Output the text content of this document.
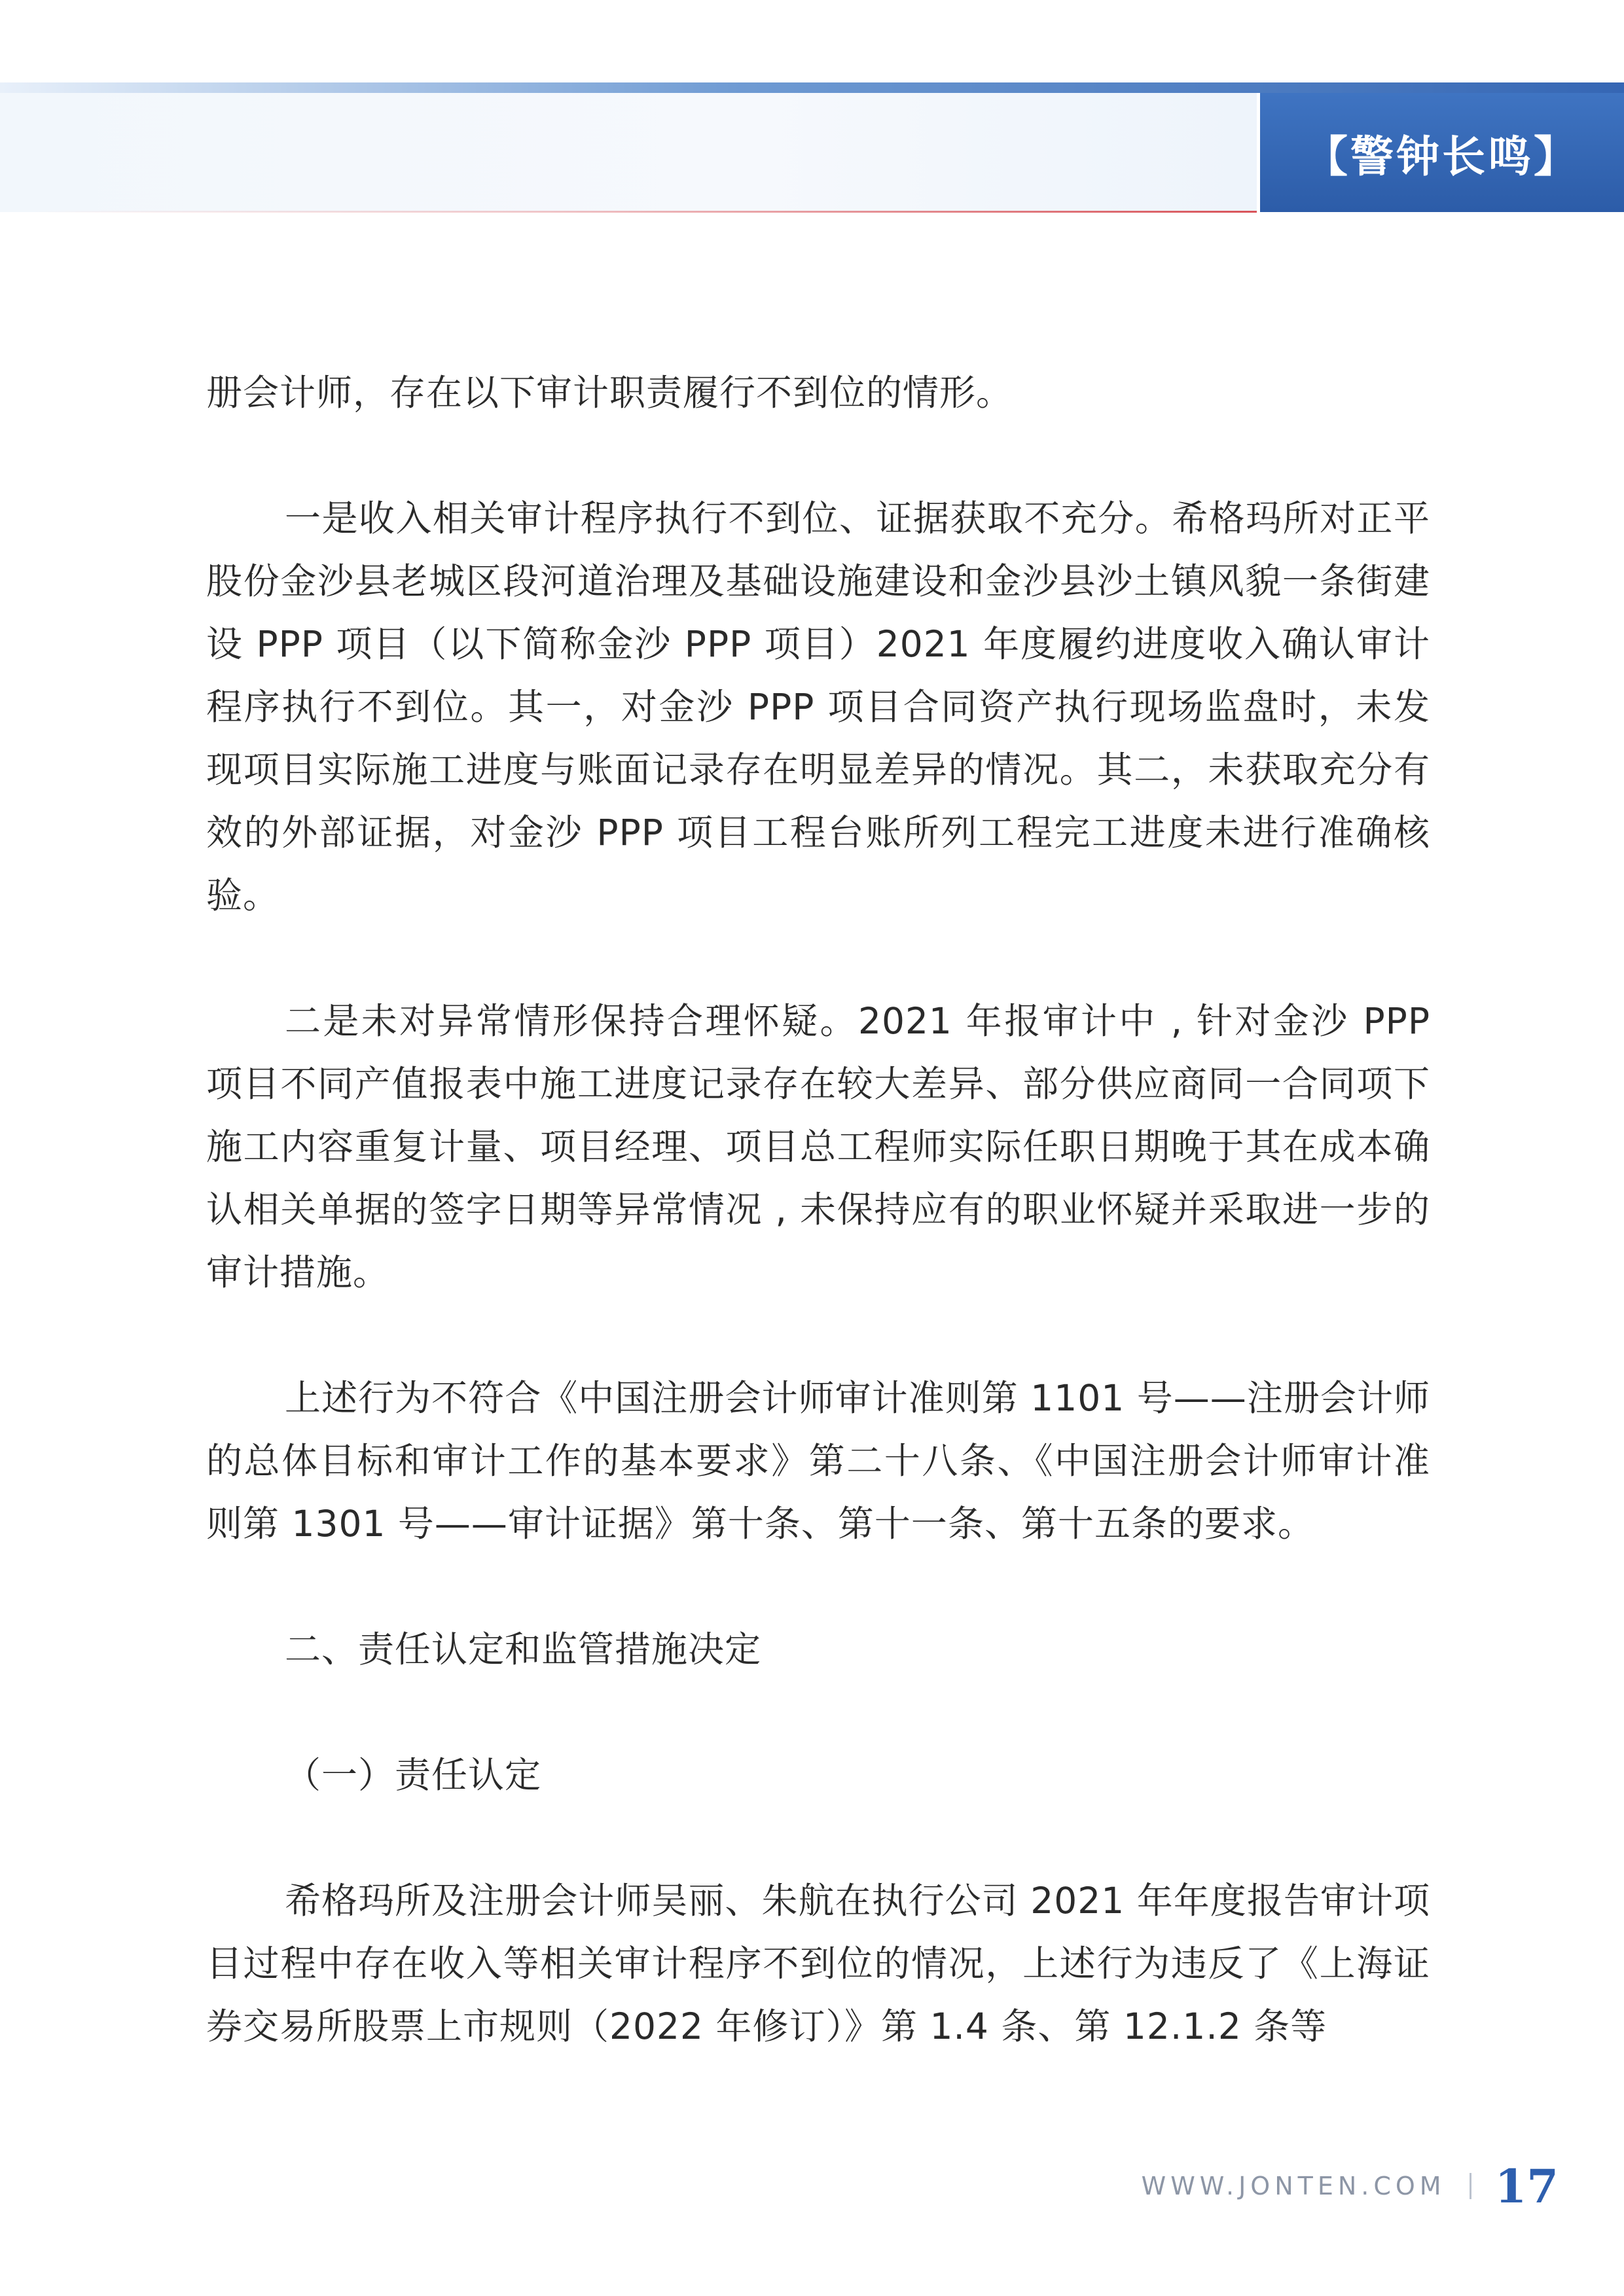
【警钟长鸣】

册会计师，存在以下审计职责履行不到位的情形。

一是收入相关审计程序执行不到位、证据获取不充分。希格玛所对正平股份金沙县老城区段河道治理及基础设施建设和金沙县沙土镇风貌一条街建设 PPP 项目（以下简称金沙 PPP 项目）2021 年度履约进度收入确认审计程序执行不到位。其一，对金沙 PPP 项目合同资产执行现场监盘时，未发现项目实际施工进度与账面记录存在明显差异的情况。其二，未获取充分有效的外部证据，对金沙 PPP 项目工程台账所列工程完工进度未进行准确核验。

二是未对异常情形保持合理怀疑。2021 年报审计中 , 针对金沙 PPP 项目不同产值报表中施工进度记录存在较大差异、部分供应商同一合同项下施工内容重复计量、项目经理、项目总工程师实际任职日期晚于其在成本确认相关单据的签字日期等异常情况 , 未保持应有的职业怀疑并采取进一步的审计措施。

上述行为不符合《中国注册会计师审计准则第 1101 号——注册会计师的总体目标和审计工作的基本要求》第二十八条、《中国注册会计师审计准则第 1301 号——审计证据》第十条、第十一条、第十五条的要求。

二、责任认定和监管措施决定

（一）责任认定

希格玛所及注册会计师吴丽、朱航在执行公司 2021 年年度报告审计项目过程中存在收入等相关审计程序不到位的情况，上述行为违反了《上海证券交易所股票上市规则（2022 年修订）》第 1.4 条、第 12.1.2 条等

WWW.JONTEN.COM 17
